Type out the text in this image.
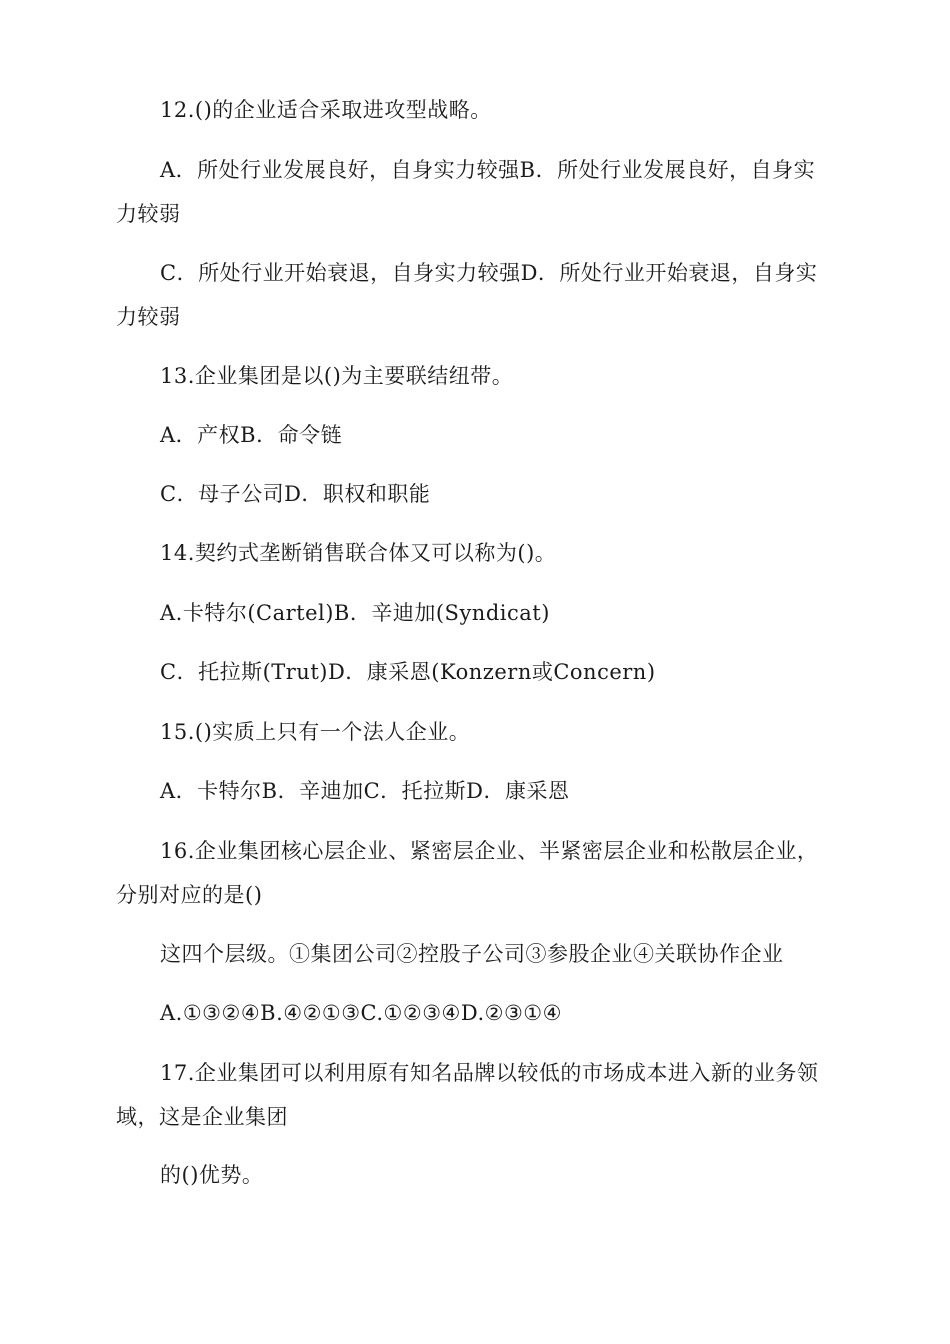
12.()的企业适合采取进攻型战略。
A．所处行业发展良好，自身实力较强B．所处行业发展良好，自身实力较弱
C．所处行业开始衰退，自身实力较强D．所处行业开始衰退，自身实力较弱
13.企业集团是以()为主要联结纽带。
A．产权B．命令链
C．母子公司D．职权和职能
14.契约式垄断销售联合体又可以称为()。
A.卡特尔(Cartel)B．辛迪加(Syndicat)
C．托拉斯(Trut)D．康采恩(Konzern或Concern)
15.()实质上只有一个法人企业。
A．卡特尔B．辛迪加C．托拉斯D．康采恩
16.企业集团核心层企业、紧密层企业、半紧密层企业和松散层企业，分别对应的是()
这四个层级。①集团公司②控股子公司③参股企业④关联协作企业
A.①③②④B.④②①③C.①②③④D.②③①④
17.企业集团可以利用原有知名品牌以较低的市场成本进入新的业务领域，这是企业集团
的()优势。
